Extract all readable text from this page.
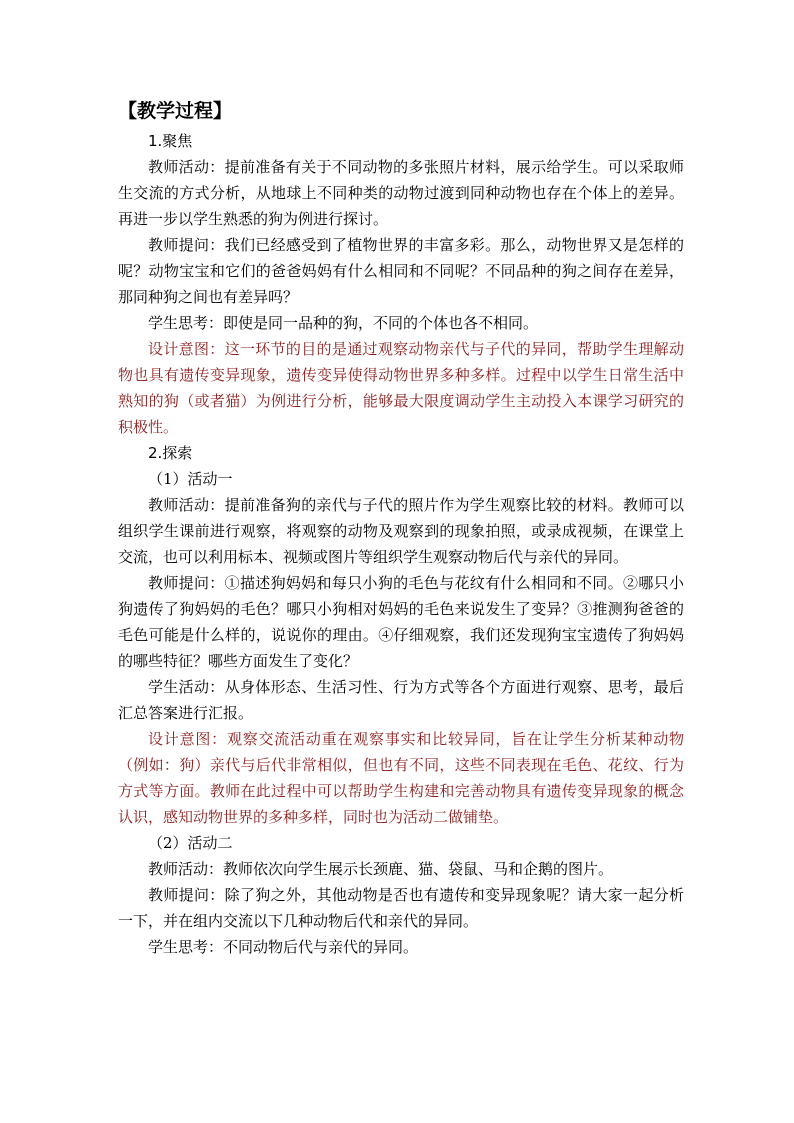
【教学过程】
1.聚焦

教师活动：提前准备有关于不同动物的多张照片材料，展示给学生。可以采取师生交流的方式分析，从地球上不同种类的动物过渡到同种动物也存在个体上的差异。再进一步以学生熟悉的狗为例进行探讨。

教师提问：我们已经感受到了植物世界的丰富多彩。那么，动物世界又是怎样的呢？动物宝宝和它们的爸爸妈妈有什么相同和不同呢？不同品种的狗之间存在差异，那同种狗之间也有差异吗？

学生思考：即使是同一品种的狗，不同的个体也各不相同。

设计意图：这一环节的目的是通过观察动物亲代与子代的异同，帮助学生理解动物也具有遗传变异现象，遗传变异使得动物世界多种多样。过程中以学生日常生活中熟知的狗（或者猫）为例进行分析，能够最大限度调动学生主动投入本课学习研究的积极性。

2.探索
（1）活动一

教师活动：提前准备狗的亲代与子代的照片作为学生观察比较的材料。教师可以组织学生课前进行观察，将观察的动物及观察到的现象拍照，或录成视频，在课堂上交流，也可以利用标本、视频或图片等组织学生观察动物后代与亲代的异同。

教师提问：①描述狗妈妈和每只小狗的毛色与花纹有什么相同和不同。②哪只小狗遗传了狗妈妈的毛色？哪只小狗相对妈妈的毛色来说发生了变异？③推测狗爸爸的毛色可能是什么样的，说说你的理由。④仔细观察，我们还发现狗宝宝遗传了狗妈妈的哪些特征？哪些方面发生了变化？

学生活动：从身体形态、生活习性、行为方式等各个方面进行观察、思考，最后汇总答案进行汇报。

设计意图：观察交流活动重在观察事实和比较异同，旨在让学生分析某种动物（例如：狗）亲代与后代非常相似，但也有不同，这些不同表现在毛色、花纹、行为方式等方面。教师在此过程中可以帮助学生构建和完善动物具有遗传变异现象的概念认识，感知动物世界的多种多样，同时也为活动二做铺垫。

（2）活动二

教师活动：教师依次向学生展示长颈鹿、猫、袋鼠、马和企鹅的图片。

教师提问：除了狗之外，其他动物是否也有遗传和变异现象呢？请大家一起分析一下，并在组内交流以下几种动物后代和亲代的异同。

学生思考：不同动物后代与亲代的异同。
